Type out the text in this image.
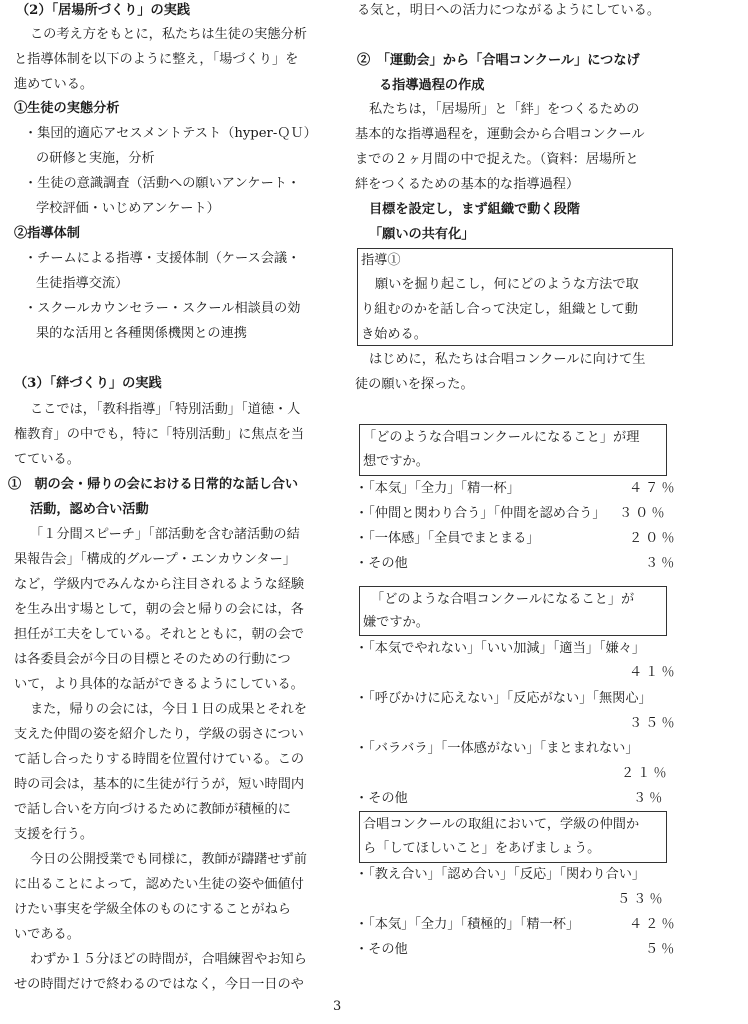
（2）「居場所づくり」の実践
この考え方をもとに，私たちは生徒の実態分析
と指導体制を以下のように整え，「場づくり」を
進めている。
①生徒の実態分析
・集団的適応アセスメントテスト（hyper-ＱＵ）
の研修と実施，分析
・生徒の意識調査（活動への願いアンケート・
学校評価・いじめアンケート）
②指導体制
・チームによる指導・支援体制（ケース会議・
生徒指導交流）
・スクールカウンセラー・スクール相談員の効
果的な活用と各種関係機関との連携
（3）「絆づくり」の実践
ここでは，「教科指導」「特別活動」「道徳・人
権教育」の中でも，特に「特別活動」に焦点を当
てている。
①　朝の会・帰りの会における日常的な話し合い
活動，認め合い活動
「１分間スピーチ」「部活動を含む諸活動の結
果報告会」「構成的グループ・エンカウンター」
など，学級内でみんなから注目されるような経験
を生み出す場として，朝の会と帰りの会には，各
担任が工夫をしている。それとともに，朝の会で
は各委員会が今日の目標とそのための行動につ
いて，より具体的な話ができるようにしている。
また，帰りの会には，今日１日の成果とそれを
支えた仲間の姿を紹介したり，学級の弱さについ
て話し合ったりする時間を位置付けている。この
時の司会は，基本的に生徒が行うが，短い時間内
で話し合いを方向づけるために教師が積極的に
支援を行う。
今日の公開授業でも同様に，教師が躊躇せず前
に出ることによって，認めたい生徒の姿や価値付
けたい事実を学級全体のものにすることがねら
いである。
わずか１５分ほどの時間が，合唱練習やお知ら
せの時間だけで終わるのではなく，今日一日のや
る気と，明日への活力につながるようにしている。
②　「運動会」から「合唱コンクール」につなげ
る指導過程の作成
私たちは，「居場所」と「絆」をつくるための
基本的な指導過程を，運動会から合唱コンクール
までの２ヶ月間の中で捉えた。（資料：居場所と
絆をつくるための基本的な指導過程）
目標を設定し，まず組織で動く段階
「願いの共有化」
指導①
願いを掘り起こし，何にどのような方法で取
り組むのかを話し合って決定し，組織として動
き始める。
はじめに，私たちは合唱コンクールに向けて生
徒の願いを探った。
「どのような合唱コンクールになること」が理
想ですか。
・「本気」「全力」「精一杯」	４７％
・「仲間と関わり合う」「仲間を認め合う」 ３０％
・「一体感」「全員でまとまる」	２０％
・その他	３％
「どのような合唱コンクールになること」が
嫌ですか。
・「本気でやれない」「いい加減」「適当」「嫌々」
４１％
・「呼びかけに応えない」「反応がない」「無関心」
３５％
・「バラバラ」「一体感がない」「まとまれない」
２１％
・その他	３％
合唱コンクールの取組において，学級の仲間か
ら「してほしいこと」をあげましょう。
・「教え合い」「認め合い」「反応」「関わり合い」
５３％
・「本気」「全力」「積極的」「精一杯」	４２％
・その他	５％
3
